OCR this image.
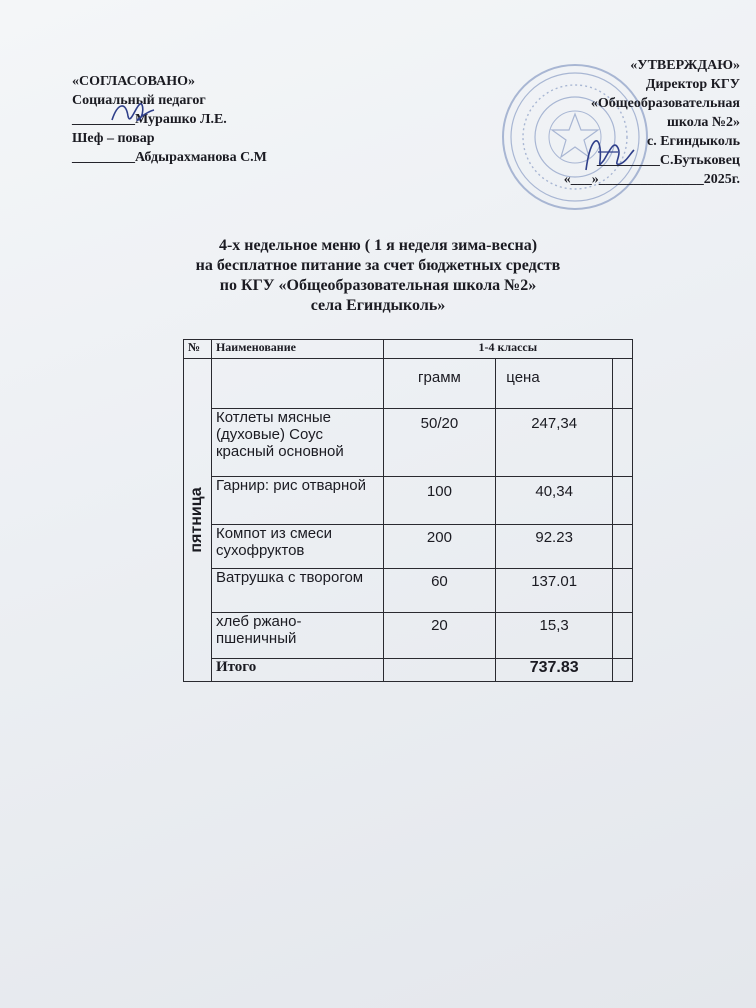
«СОГЛАСОВАНО»
Социальный педагог
_________Мурашко Л.Е.
Шеф – повар
_________Абдырахманова С.М
«УТВЕРЖДАЮ»
Директор КГУ
«Общеобразовательная
школа №2»
с. Егиндыколь
_________С.Бутьковец
«___»_______________2025г.
4-х недельное меню ( 1 я неделя зима-весна)
на бесплатное питание за счет бюджетных средств
по КГУ «Общеобразовательная школа №2»
села Егиндыколь»
№	Наименование	1-4 классы		

пятница		грамм	цена	
	Котлеты мясные (духовые) Соус красный основной	50/20	247,34	
	Гарнир: рис отварной	100	40,34	
	Компот из смеси сухофруктов	200	92.23	
	Ватрушка с творогом	60	137.01	
	хлеб ржано-пшеничный	20	15,3	
	Итого		737.83	
